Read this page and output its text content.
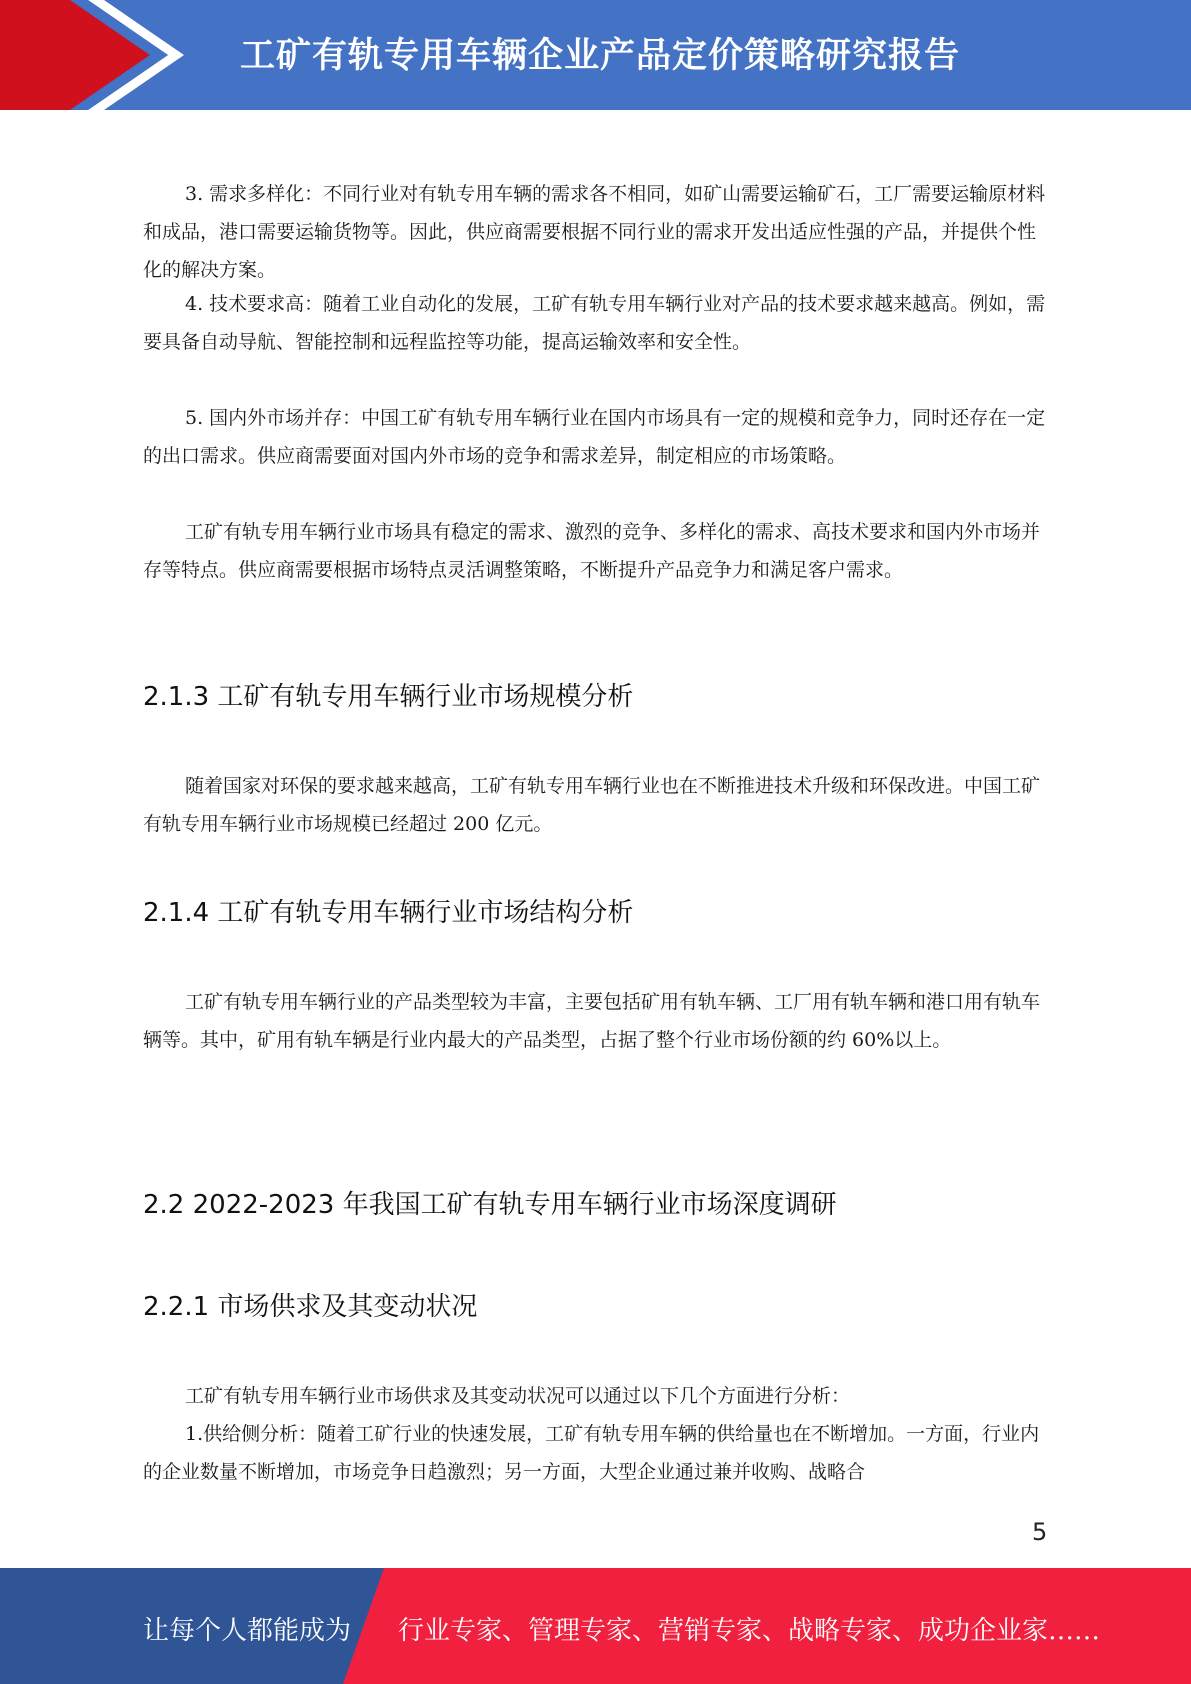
工矿有轨专用车辆企业产品定价策略研究报告
3. 需求多样化：不同行业对有轨专用车辆的需求各不相同，如矿山需要运输矿石，工厂需要运输原材料和成品，港口需要运输货物等。因此，供应商需要根据不同行业的需求开发出适应性强的产品，并提供个性化的解决方案。
4. 技术要求高：随着工业自动化的发展，工矿有轨专用车辆行业对产品的技术要求越来越高。例如，需要具备自动导航、智能控制和远程监控等功能，提高运输效率和安全性。
5. 国内外市场并存：中国工矿有轨专用车辆行业在国内市场具有一定的规模和竞争力，同时还存在一定的出口需求。供应商需要面对国内外市场的竞争和需求差异，制定相应的市场策略。
工矿有轨专用车辆行业市场具有稳定的需求、激烈的竞争、多样化的需求、高技术要求和国内外市场并存等特点。供应商需要根据市场特点灵活调整策略，不断提升产品竞争力和满足客户需求。
2.1.3 工矿有轨专用车辆行业市场规模分析
随着国家对环保的要求越来越高，工矿有轨专用车辆行业也在不断推进技术升级和环保改进。中国工矿有轨专用车辆行业市场规模已经超过 200 亿元。
2.1.4 工矿有轨专用车辆行业市场结构分析
工矿有轨专用车辆行业的产品类型较为丰富，主要包括矿用有轨车辆、工厂用有轨车辆和港口用有轨车辆等。其中，矿用有轨车辆是行业内最大的产品类型，占据了整个行业市场份额的约 60%以上。
2.2 2022-2023 年我国工矿有轨专用车辆行业市场深度调研
2.2.1 市场供求及其变动状况
工矿有轨专用车辆行业市场供求及其变动状况可以通过以下几个方面进行分析：
1.供给侧分析：随着工矿行业的快速发展，工矿有轨专用车辆的供给量也在不断增加。一方面，行业内的企业数量不断增加，市场竞争日趋激烈；另一方面，大型企业通过兼并收购、战略合
5
让每个人都能成为 行业专家、管理专家、营销专家、战略专家、成功企业家……
